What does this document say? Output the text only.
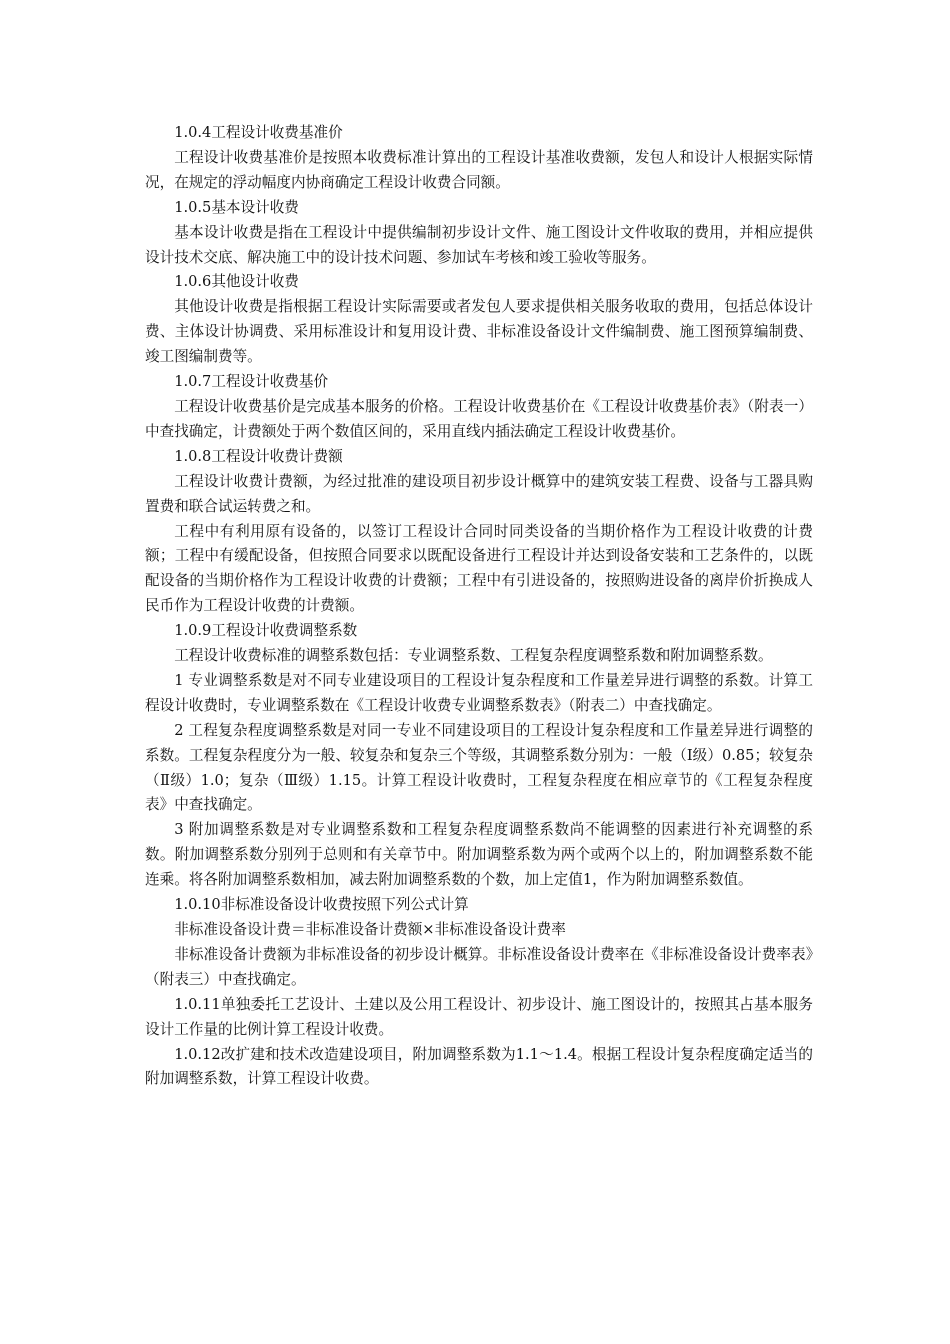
1.0.4工程设计收费基准价

工程设计收费基准价是按照本收费标准计算出的工程设计基准收费额，发包人和设计人根据实际情况，在规定的浮动幅度内协商确定工程设计收费合同额。

1.0.5基本设计收费

基本设计收费是指在工程设计中提供编制初步设计文件、施工图设计文件收取的费用，并相应提供设计技术交底、解决施工中的设计技术问题、参加试车考核和竣工验收等服务。

1.0.6其他设计收费

其他设计收费是指根据工程设计实际需要或者发包人要求提供相关服务收取的费用，包括总体设计费、主体设计协调费、采用标准设计和复用设计费、非标准设备设计文件编制费、施工图预算编制费、竣工图编制费等。

1.0.7工程设计收费基价

工程设计收费基价是完成基本服务的价格。工程设计收费基价在《工程设计收费基价表》（附表一）中查找确定，计费额处于两个数值区间的，采用直线内插法确定工程设计收费基价。

1.0.8工程设计收费计费额

工程设计收费计费额，为经过批准的建设项目初步设计概算中的建筑安装工程费、设备与工器具购置费和联合试运转费之和。

工程中有利用原有设备的，以签订工程设计合同时同类设备的当期价格作为工程设计收费的计费额；工程中有缓配设备，但按照合同要求以既配设备进行工程设计并达到设备安装和工艺条件的，以既配设备的当期价格作为工程设计收费的计费额；工程中有引进设备的，按照购进设备的离岸价折换成人民币作为工程设计收费的计费额。

1.0.9工程设计收费调整系数

工程设计收费标准的调整系数包括：专业调整系数、工程复杂程度调整系数和附加调整系数。

1 专业调整系数是对不同专业建设项目的工程设计复杂程度和工作量差异进行调整的系数。计算工程设计收费时，专业调整系数在《工程设计收费专业调整系数表》（附表二）中查找确定。

2 工程复杂程度调整系数是对同一专业不同建设项目的工程设计复杂程度和工作量差异进行调整的系数。工程复杂程度分为一般、较复杂和复杂三个等级，其调整系数分别为：一般（Ⅰ级）0.85；较复杂（Ⅱ级）1.0；复杂（Ⅲ级）1.15。计算工程设计收费时，工程复杂程度在相应章节的《工程复杂程度表》中查找确定。

3 附加调整系数是对专业调整系数和工程复杂程度调整系数尚不能调整的因素进行补充调整的系数。附加调整系数分别列于总则和有关章节中。附加调整系数为两个或两个以上的，附加调整系数不能连乘。将各附加调整系数相加，减去附加调整系数的个数，加上定值1，作为附加调整系数值。

1.0.10非标准设备设计收费按照下列公式计算

非标准设备设计费＝非标准设备计费额×非标准设备设计费率

非标准设备计费额为非标准设备的初步设计概算。非标准设备设计费率在《非标准设备设计费率表》（附表三）中查找确定。

1.0.11单独委托工艺设计、土建以及公用工程设计、初步设计、施工图设计的，按照其占基本服务设计工作量的比例计算工程设计收费。

1.0.12改扩建和技术改造建设项目，附加调整系数为1.1～1.4。根据工程设计复杂程度确定适当的附加调整系数，计算工程设计收费。
